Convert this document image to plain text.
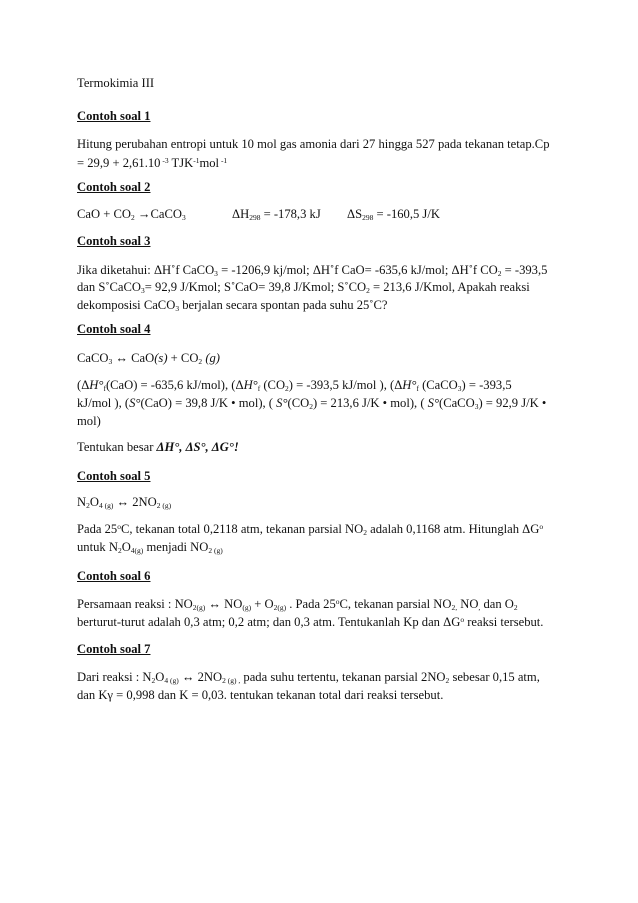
Termokimia III
Contoh soal 1
Hitung perubahan entropi untuk 10 mol gas amonia dari 27 hingga 527 pada tekanan tetap.Cp
= 29,9 + 2,61.10 $^{-3}$ $TJK^{-1}mol$ $^{-1}$
Contoh soal 2
CaO + $CO_2$ →CaCO$_3$	$\Delta H_{298} = -178,3$ kJ $\Delta S_{298} = -160,5$ J/K
Contoh soal 3
Jika diketahui: ΔH˚f CaCO$_3$ = -1206,9 kj/mol; ΔH˚f CaO= -635,6 kJ/mol; ΔH˚f $CO_2 = -393,5$
dan S˚CaCO$_3$= 92,9 J/Kmol; S˚CaO= 39,8 J/Kmol; $S˚CO_2 = 213,6$ J/Kmol, Apakah reaksi
dekomposisi CaCO$_3$ berjalan secara spontan pada suhu 25˚C?
Contoh soal 4
CaCO$_3$ ↔ $CaO(s) + CO_2$ (g)
($\Delta H^\circ_f(CaO) = -635,6$ kJ/mol), ($\Delta H^\circ_f$ $(CO_2) = -393,5$ kJ/mol ), ($\Delta H^\circ_f$ (CaCO$_3$) = -393,5
kJ/mol ), (S°(CaO) = 39,8 J/K • mol), ( $S^\circ(CO_2) = 213,6$ J/K • mol), ( S°(CaCO$_3$) = 92,9 J/K •
mol)
Tentukan besar ΔH°, ΔS°, ΔG°!
Contoh soal 5
$N_2O_{4 (g)}$ ↔ $2NO_{2 (g)}$
Pada 25$^o$C, tekanan total 0,2118 atm, tekanan parsial $NO_2$ adalah 0,1168 atm. Hitunglah $\Delta G^o$
untuk $N_2O_{4(g)}$ menjadi $NO_{2 (g)}$
Contoh soal 6
Persamaan reaksi : $NO_{2(g)}$ ↔ $NO_{(g)} + O_{2(g)}$ . Pada 25$^o$C, tekanan parsial $NO_{2,}$ $NO_,$ dan $O_2$
berturut-turut adalah 0,3 atm; 0,2 atm; dan 0,3 atm. Tentukanlah Kp dan $\Delta G^o$ reaksi tersebut.
Contoh soal 7
Dari reaksi : $N_2O_{4 (g)}$ ↔ $2NO_{2 (g) ,}$ pada suhu tertentu, tekanan parsial $2NO_2$ sebesar 0,15 atm,
dan Kγ = 0,998 dan K = 0,03. tentukan tekanan total dari reaksi tersebut.
